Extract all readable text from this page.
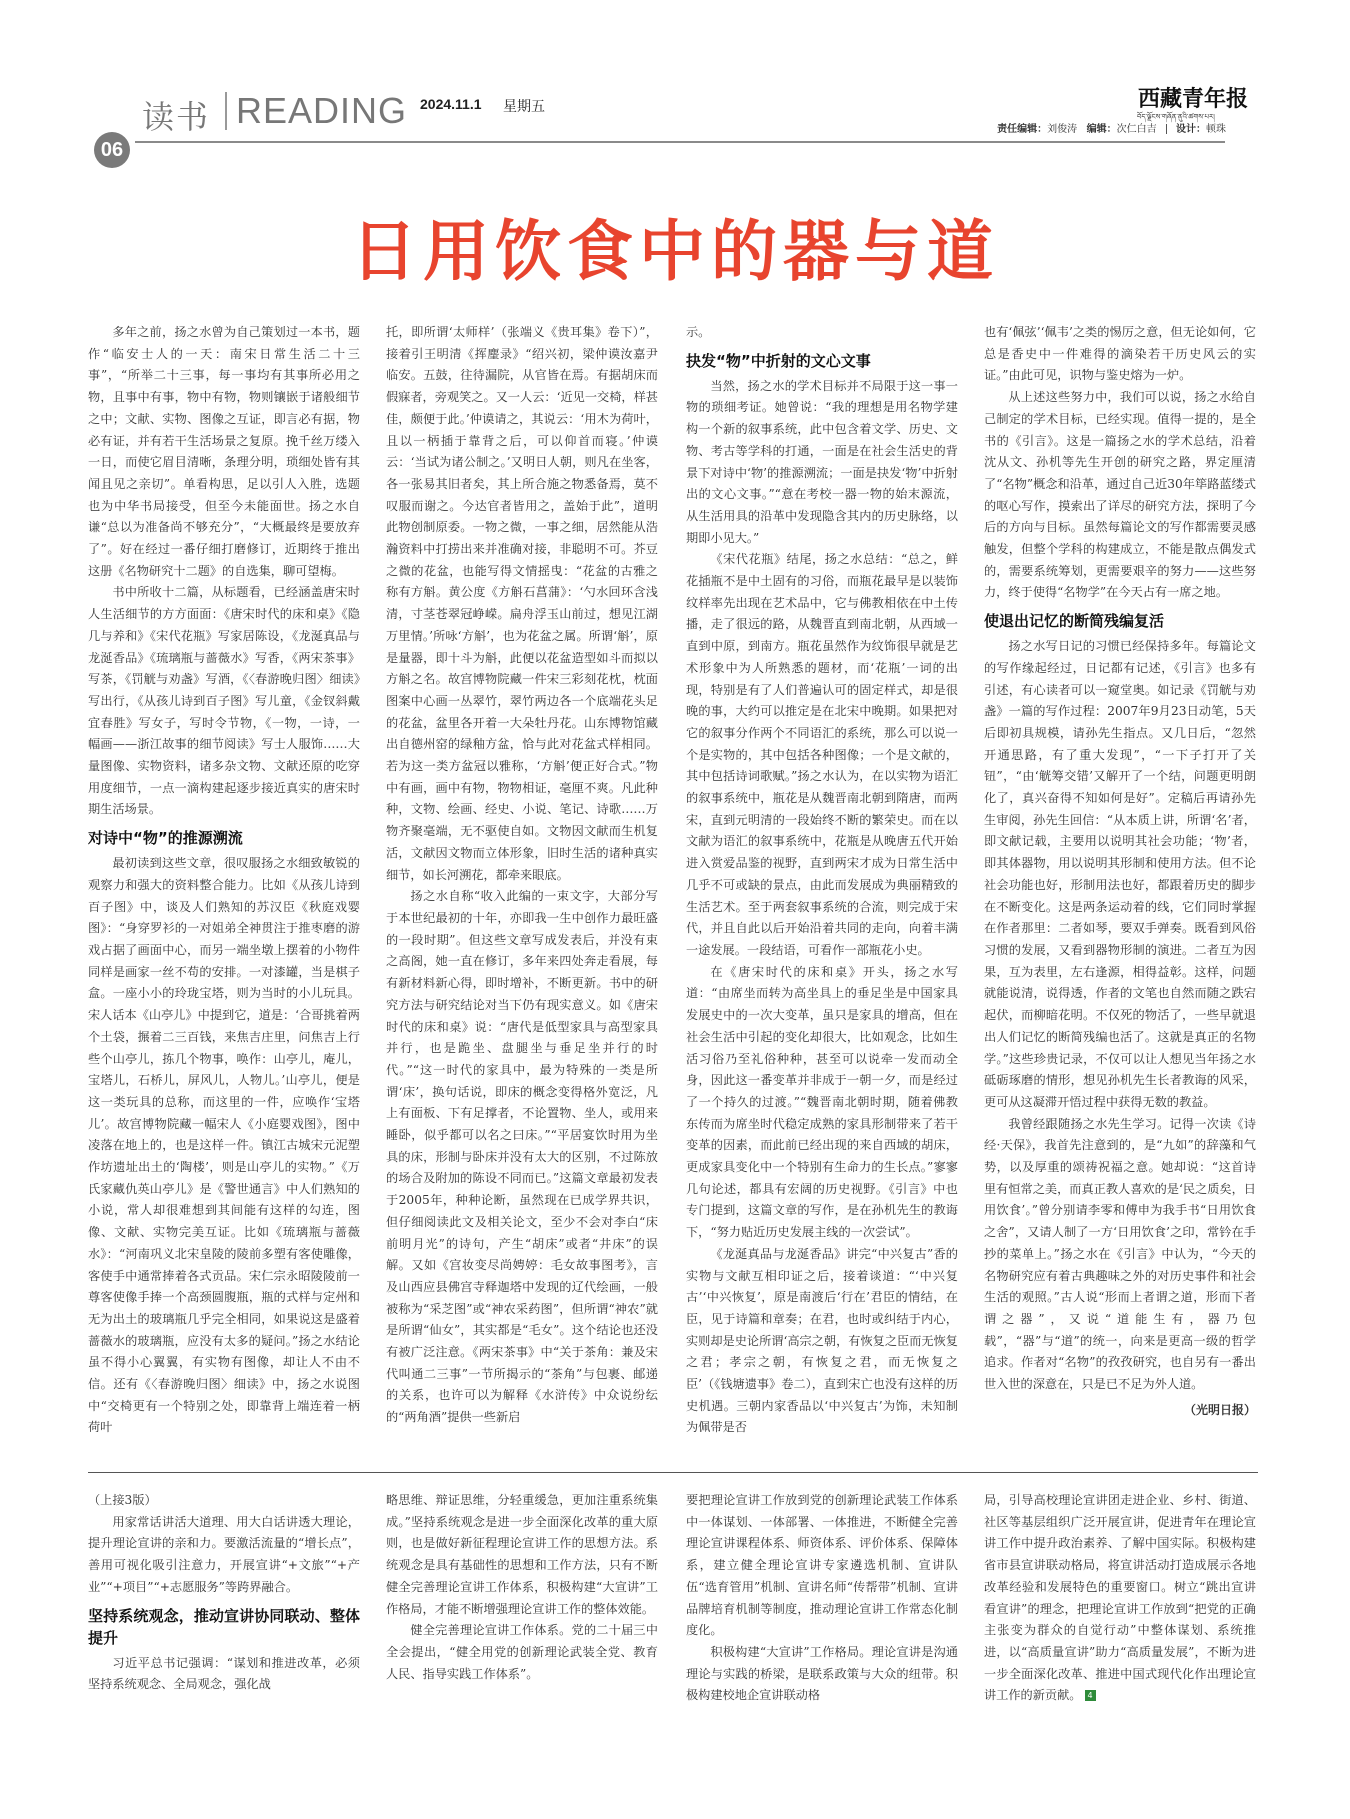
读书 READING 2024.11.1 星期五	西藏青年报
བོད་ལྗོངས་གཞོན་ནུའི་ཚགས་པར།
06
责任编辑：刘俊涛 编辑：次仁白吉 设计：顿珠
日用饮食中的器与道

多年之前，扬之水曾为自己策划过一本书，题作“临安士人的一天：南宋日常生活二十三事”，“所举二十三事，每一事均有其事所必用之物，且事中有事，物中有物，物则镶嵌于诸般细节之中；文献、实物、图像之互证，即言必有据，物必有证，并有若干生活场景之复原。挽千丝万缕入一日，而使它眉目清晰，条理分明，琐细处皆有其闻且见之亲切”。单看构思，足以引人入胜，选题也为中华书局接受，但至今未能面世。扬之水自谦“总以为准备尚不够充分”，“大概最终是要放弃了”。好在经过一番仔细打磨修订，近期终于推出这册《名物研究十二题》的自选集，聊可望梅。

书中所收十二篇，从标题看，已经涵盖唐宋时人生活细节的方方面面：《唐宋时代的床和桌》《隐几与养和》《宋代花瓶》写家居陈设，《龙涎真品与龙涎香品》《琉璃瓶与蔷薇水》写香，《两宋茶事》写茶，《罚觥与劝盏》写酒，《〈春游晚归图〉细读》写出行，《从孩儿诗到百子图》写儿童，《金钗斜戴宜春胜》写女子，写时令节物，《一物，一诗，一幅画——浙江故事的细节阅读》写士人服饰……大量图像、实物资料，诸多杂文物、文献还原的吃穿用度细节，一点一滴构建起逐步接近真实的唐宋时期生活场景。

对诗中“物”的推源溯流

最初读到这些文章，很叹服扬之水细致敏锐的观察力和强大的资料整合能力。比如《从孩儿诗到百子图》中，谈及人们熟知的苏汉臣《秋庭戏婴图》：“身穿罗衫的一对姐弟全神贯注于推枣磨的游戏占据了画面中心，而另一端坐墩上摆着的小物件同样是画家一丝不苟的安排。一对漆罐，当是棋子盒。一座小小的玲珑宝塔，则为当时的小儿玩具。宋人话本《山亭儿》中提到它，道是：‘合哥挑着两个土袋，搌着二三百钱，来焦吉庄里，问焦吉上行些个山亭儿，拣几个物事，唤作：山亭儿，庵儿，宝塔儿，石桥儿，屏风儿，人物儿。’山亭儿，便是这一类玩具的总称，而这里的一件，应唤作‘宝塔儿’。故宫博物院藏一幅宋人《小庭婴戏图》，图中凌落在地上的，也是这样一件。镇江古城宋元泥塑作坊遗址出土的‘陶楼’，则是山亭儿的实物。”《万氏家藏仇英山亭儿》是《警世通言》中人们熟知的小说，常人却很难想到其间能有这样的勾连，图像、文献、实物完美互证。比如《琉璃瓶与蔷薇水》：“河南巩义北宋皇陵的陵前多塑有客使雕像，客使手中通常捧着各式贡品。宋仁宗永昭陵陵前一尊客使像手捧一个高颈圆腹瓶，瓶的式样与定州和无为出土的玻璃瓶几乎完全相同，如果说这是盛着蔷薇水的玻璃瓶，应没有太多的疑问。”扬之水结论虽不得小心翼翼，有实物有图像，却让人不由不信。还有《〈春游晚归图〉细读》中，扬之水说图中“交椅更有一个特别之处，即靠背上端连着一柄荷叶

托，即所谓‘太师样’（张端义《贵耳集》卷下）”，接着引王明清《挥麈录》“绍兴初，梁仲谟汝嘉尹临安。五鼓，往待漏院，从官皆在焉。有据胡床而假寐者，旁观笑之。又一人云：‘近见一交椅，样甚佳，颇便于此。’仲谟请之，其说云：‘用木为荷叶，且以一柄插于靠背之后，可以仰首而寝。’仲谟云：‘当试为诸公制之。’又明日人朝，则凡在坐客，各一张易其旧者矣，其上所合施之物悉备焉，莫不叹服而谢之。今达官者皆用之，盖始于此”，道明此物创制原委。一物之微，一事之细，居然能从浩瀚资料中打捞出来并准确对接，非聪明不可。芥豆之微的花盆，也能写得文情摇曳：“花盆的古雅之称有方斛。黄公度《方斛石菖蒲》：‘勺水回环含浅清，寸茎苍翠冠峥嵘。扁舟浮玉山前过，想见江湖万里情。’所咏‘方斛’，也为花盆之属。所谓‘斛’，原是量器，即十斗为斛，此便以花盆造型如斗而拟以方斛之名。故宫博物院藏一件宋三彩刻花枕，枕面图案中心画一丛翠竹，翠竹两边各一个底端花头足的花盆，盆里各开着一大朵牡丹花。山东博物馆藏出自德州窑的绿釉方盆，恰与此对花盆式样相同。若为这一类方盆冠以雅称，‘方斛’便正好合式。”物中有画，画中有物，物物相证，毫厘不爽。凡此种种，文物、绘画、经史、小说、笔记、诗歌……万物齐聚毫端，无不驱使自如。文物因文献而生机复活，文献因文物而立体形象，旧时生活的诸种真实细节，如长河溯花，都牵来眼底。

扬之水自称“收入此编的一束文字，大部分写于本世纪最初的十年，亦即我一生中创作力最旺盛的一段时期”。但这些文章写成发表后，并没有束之高阁，她一直在修订，多年来四处奔走看展，每有新材料新心得，即时增补，不断更新。书中的研究方法与研究结论对当下仍有现实意义。如《唐宋时代的床和桌》说：“唐代是低型家具与高型家具并行，也是跪坐、盘腿坐与垂足坐并行的时代。”“这一时代的家具中，最为特殊的一类是所谓‘床’，换句话说，即床的概念变得格外宽泛，凡上有面板、下有足撑者，不论置物、坐人，或用来睡卧，似乎都可以名之曰床。”“平居宴饮时用为坐具的床，形制与卧床并没有太大的区别，不过陈放的场合及附加的陈设不同而已。”这篇文章最初发表于2005年，种种论断，虽然现在已成学界共识，但仔细阅读此文及相关论文，至少不会对李白“床前明月光”的诗句，产生“胡床”或者“井床”的误解。又如《宫妆变尽尚娉婷：毛女故事图考》，言及山西应县佛宫寺释迦塔中发现的辽代绘画，一般被称为“采芝图”或“神农采药图”，但所谓“神农”就是所谓“仙女”，其实都是“毛女”。这个结论也还没有被广泛注意。《两宋茶事》中“关于茶角：兼及宋代叫通二三事”一节所揭示的“茶角”与包裹、邮递的关系，也许可以为解释《水浒传》中众说纷纭的“两角酒”提供一些新启

示。

抉发“物”中折射的文心文事

当然，扬之水的学术目标并不局限于这一事一物的琐细考证。她曾说：“我的理想是用名物学建构一个新的叙事系统，此中包含着文学、历史、文物、考古等学科的打通，一面是在社会生活史的背景下对诗中‘物’的推源溯流；一面是抉发‘物’中折射出的文心文事。”“意在考校一器一物的始末源流，从生活用具的沿革中发现隐含其内的历史脉络，以期即小见大。”

《宋代花瓶》结尾，扬之水总结：“总之，鲜花插瓶不是中土固有的习俗，而瓶花最早是以装饰纹样率先出现在艺术品中，它与佛教相依在中土传播，走了很远的路，从魏晋直到南北朝，从西域一直到中原，到南方。瓶花虽然作为纹饰很早就是艺术形象中为人所熟悉的题材，而‘花瓶’一词的出现，特别是有了人们普遍认可的固定样式，却是很晚的事，大约可以推定是在北宋中晚期。如果把对它的叙事分作两个不同语汇的系统，那么可以说一个是实物的，其中包括各种图像；一个是文献的，其中包括诗词歌赋。”扬之水认为，在以实物为语汇的叙事系统中，瓶花是从魏晋南北朝到隋唐，而两宋，直到元明清的一段始终不断的繁荣史。而在以文献为语汇的叙事系统中，花瓶是从晚唐五代开始进入赏爱品鉴的视野，直到两宋才成为日常生活中几乎不可或缺的景点，由此而发展成为典丽精致的生活艺术。至于两套叙事系统的合流，则完成于宋代，并且自此以后开始沿着共同的走向，向着丰满一途发展。一段结语，可看作一部瓶花小史。

在《唐宋时代的床和桌》开头，扬之水写道：“由席坐而转为高坐具上的垂足坐是中国家具发展史中的一次大变革，虽只是家具的增高，但在社会生活中引起的变化却很大，比如观念，比如生活习俗乃至礼俗种种，甚至可以说牵一发而动全身，因此这一番变革并非成于一朝一夕，而是经过了一个持久的过渡。”“魏晋南北朝时期，随着佛教东传而为席坐时代稳定成熟的家具形制带来了若干变革的因素，而此前已经出现的来自西域的胡床，更成家具变化中一个特别有生命力的生长点。”寥寥几句论述，都具有宏阔的历史视野。《引言》中也专门提到，这篇文章的写作，是在孙机先生的教诲下，“努力贴近历史发展主线的一次尝试”。

《龙涎真品与龙涎香品》讲完“中兴复古”香的实物与文献互相印证之后，接着谈道：“‘中兴复古’‘中兴恢复’，原是南渡后‘行在’君臣的情结，在臣，见于诗篇和章奏；在君，也时或纠结于内心，实则却是史论所谓‘高宗之朝，有恢复之臣而无恢复之君；孝宗之朝，有恢复之君，而无恢复之臣’（《钱塘遗事》卷二），直到宋亡也没有这样的历史机遇。三朝内家香品以‘中兴复古’为饰，未知制为佩带是否

也有‘佩弦’‘佩韦’之类的惕厉之意，但无论如何，它总是香史中一件难得的滴染若干历史风云的实证。”由此可见，识物与鉴史熔为一炉。

从上述这些努力中，我们可以说，扬之水给自己制定的学术目标，已经实现。值得一提的，是全书的《引言》。这是一篇扬之水的学术总结，沿着沈从文、孙机等先生开创的研究之路，界定厘清了“名物”概念和沿革，通过自己近30年筚路蓝缕式的呕心写作，摸索出了详尽的研究方法，探明了今后的方向与目标。虽然每篇论文的写作都需要灵感触发，但整个学科的构建成立，不能是散点偶发式的，需要系统筹划，更需要艰辛的努力——这些努力，终于使得“名物学”在今天占有一席之地。

使退出记忆的断简残编复活

扬之水写日记的习惯已经保持多年。每篇论文的写作缘起经过，日记都有记述，《引言》也多有引述，有心读者可以一窥堂奥。如记录《罚觥与劝盏》一篇的写作过程：2007年9月23日动笔，5天后即初具规模，请孙先生指点。又几日后，“忽然开通思路，有了重大发现”，“一下子打开了关钮”，“由‘觥筹交错’又解开了一个结，问题更明朗化了，真兴奋得不知如何是好”。定稿后再请孙先生审阅，孙先生回信：“从本质上讲，所谓‘名’者，即文献记载，主要用以说明其社会功能；‘物’者，即其体器物，用以说明其形制和使用方法。但不论社会功能也好，形制用法也好，都跟着历史的脚步在不断变化。这是两条运动着的线，它们同时掌握在作者那里：二者如琴，要双手弹奏。既看到风俗习惯的发展，又看到器物形制的演进。二者互为因果，互为表里，左右逢源，相得益彰。这样，问题就能说清，说得透，作者的文笔也自然而随之跌宕起伏，而柳暗花明。不仅死的物活了，一些早就退出人们记忆的断简残编也活了。这就是真正的名物学。”这些珍贵记录，不仅可以让人想见当年扬之水砥砺琢磨的情形，想见孙机先生长者教诲的风采，更可从这凝滞开悟过程中获得无数的教益。

我曾经跟随扬之水先生学习。记得一次读《诗经·天保》，我首先注意到的，是“九如”的辞藻和气势，以及厚重的颂祷祝福之意。她却说：“这首诗里有恒常之美，而真正教人喜欢的是‘民之质矣，日用饮食’。”曾分别请李零和傅申为我手书“日用饮食之舍”，又请人制了一方‘日用饮食’之印，常钤在手抄的菜单上。”扬之水在《引言》中认为，“今天的名物研究应有着古典趣味之外的对历史事件和社会生活的观照。”古人说“形而上者谓之道，形而下者谓之器”，又说“道能生有，器乃包载”，“器”与“道”的统一，向来是更高一级的哲学追求。作者对“名物”的孜孜研究，也自另有一番出世入世的深意在，只是已不足为外人道。

（光明日报）

（上接3版）

用家常话讲活大道理、用大白话讲透大理论，提升理论宣讲的亲和力。要激活流量的“增长点”，善用可视化吸引注意力，开展宣讲“+文旅”“+产业”“+项目”“+志愿服务”等跨界融合。

坚持系统观念，推动宣讲协同联动、整体提升

习近平总书记强调：“谋划和推进改革，必须坚持系统观念、全局观念，强化战

略思维、辩证思维，分轻重缓急，更加注重系统集成。”坚持系统观念是进一步全面深化改革的重大原则，也是做好新征程理论宣讲工作的思想方法。系统观念是具有基础性的思想和工作方法，只有不断健全完善理论宣讲工作体系，积极构建“大宣讲”工作格局，才能不断增强理论宣讲工作的整体效能。

健全完善理论宣讲工作体系。党的二十届三中全会提出，“健全用党的创新理论武装全党、教育人民、指导实践工作体系”。

要把理论宣讲工作放到党的创新理论武装工作体系中一体谋划、一体部署、一体推进，不断健全完善理论宣讲课程体系、师资体系、评价体系、保障体系，建立健全理论宣讲专家遴选机制、宣讲队伍“选育管用”机制、宣讲名师“传帮带”机制、宣讲品牌培育机制等制度，推动理论宣讲工作常态化制度化。

积极构建“大宣讲”工作格局。理论宣讲是沟通理论与实践的桥梁，是联系政策与大众的纽带。积极构建校地企宣讲联动格

局，引导高校理论宣讲团走进企业、乡村、街道、社区等基层组织广泛开展宣讲，促进青年在理论宣讲工作中提升政治素养、了解中国实际。积极构建省市县宣讲联动格局，将宣讲活动打造成展示各地改革经验和发展特色的重要窗口。树立“跳出宣讲看宣讲”的理念，把理论宣讲工作放到“把党的正确主张变为群众的自觉行动”中整体谋划、系统推进，以“高质量宣讲”助力“高质量发展”，不断为进一步全面深化改革、推进中国式现代化作出理论宣讲工作的新贡献。 4
